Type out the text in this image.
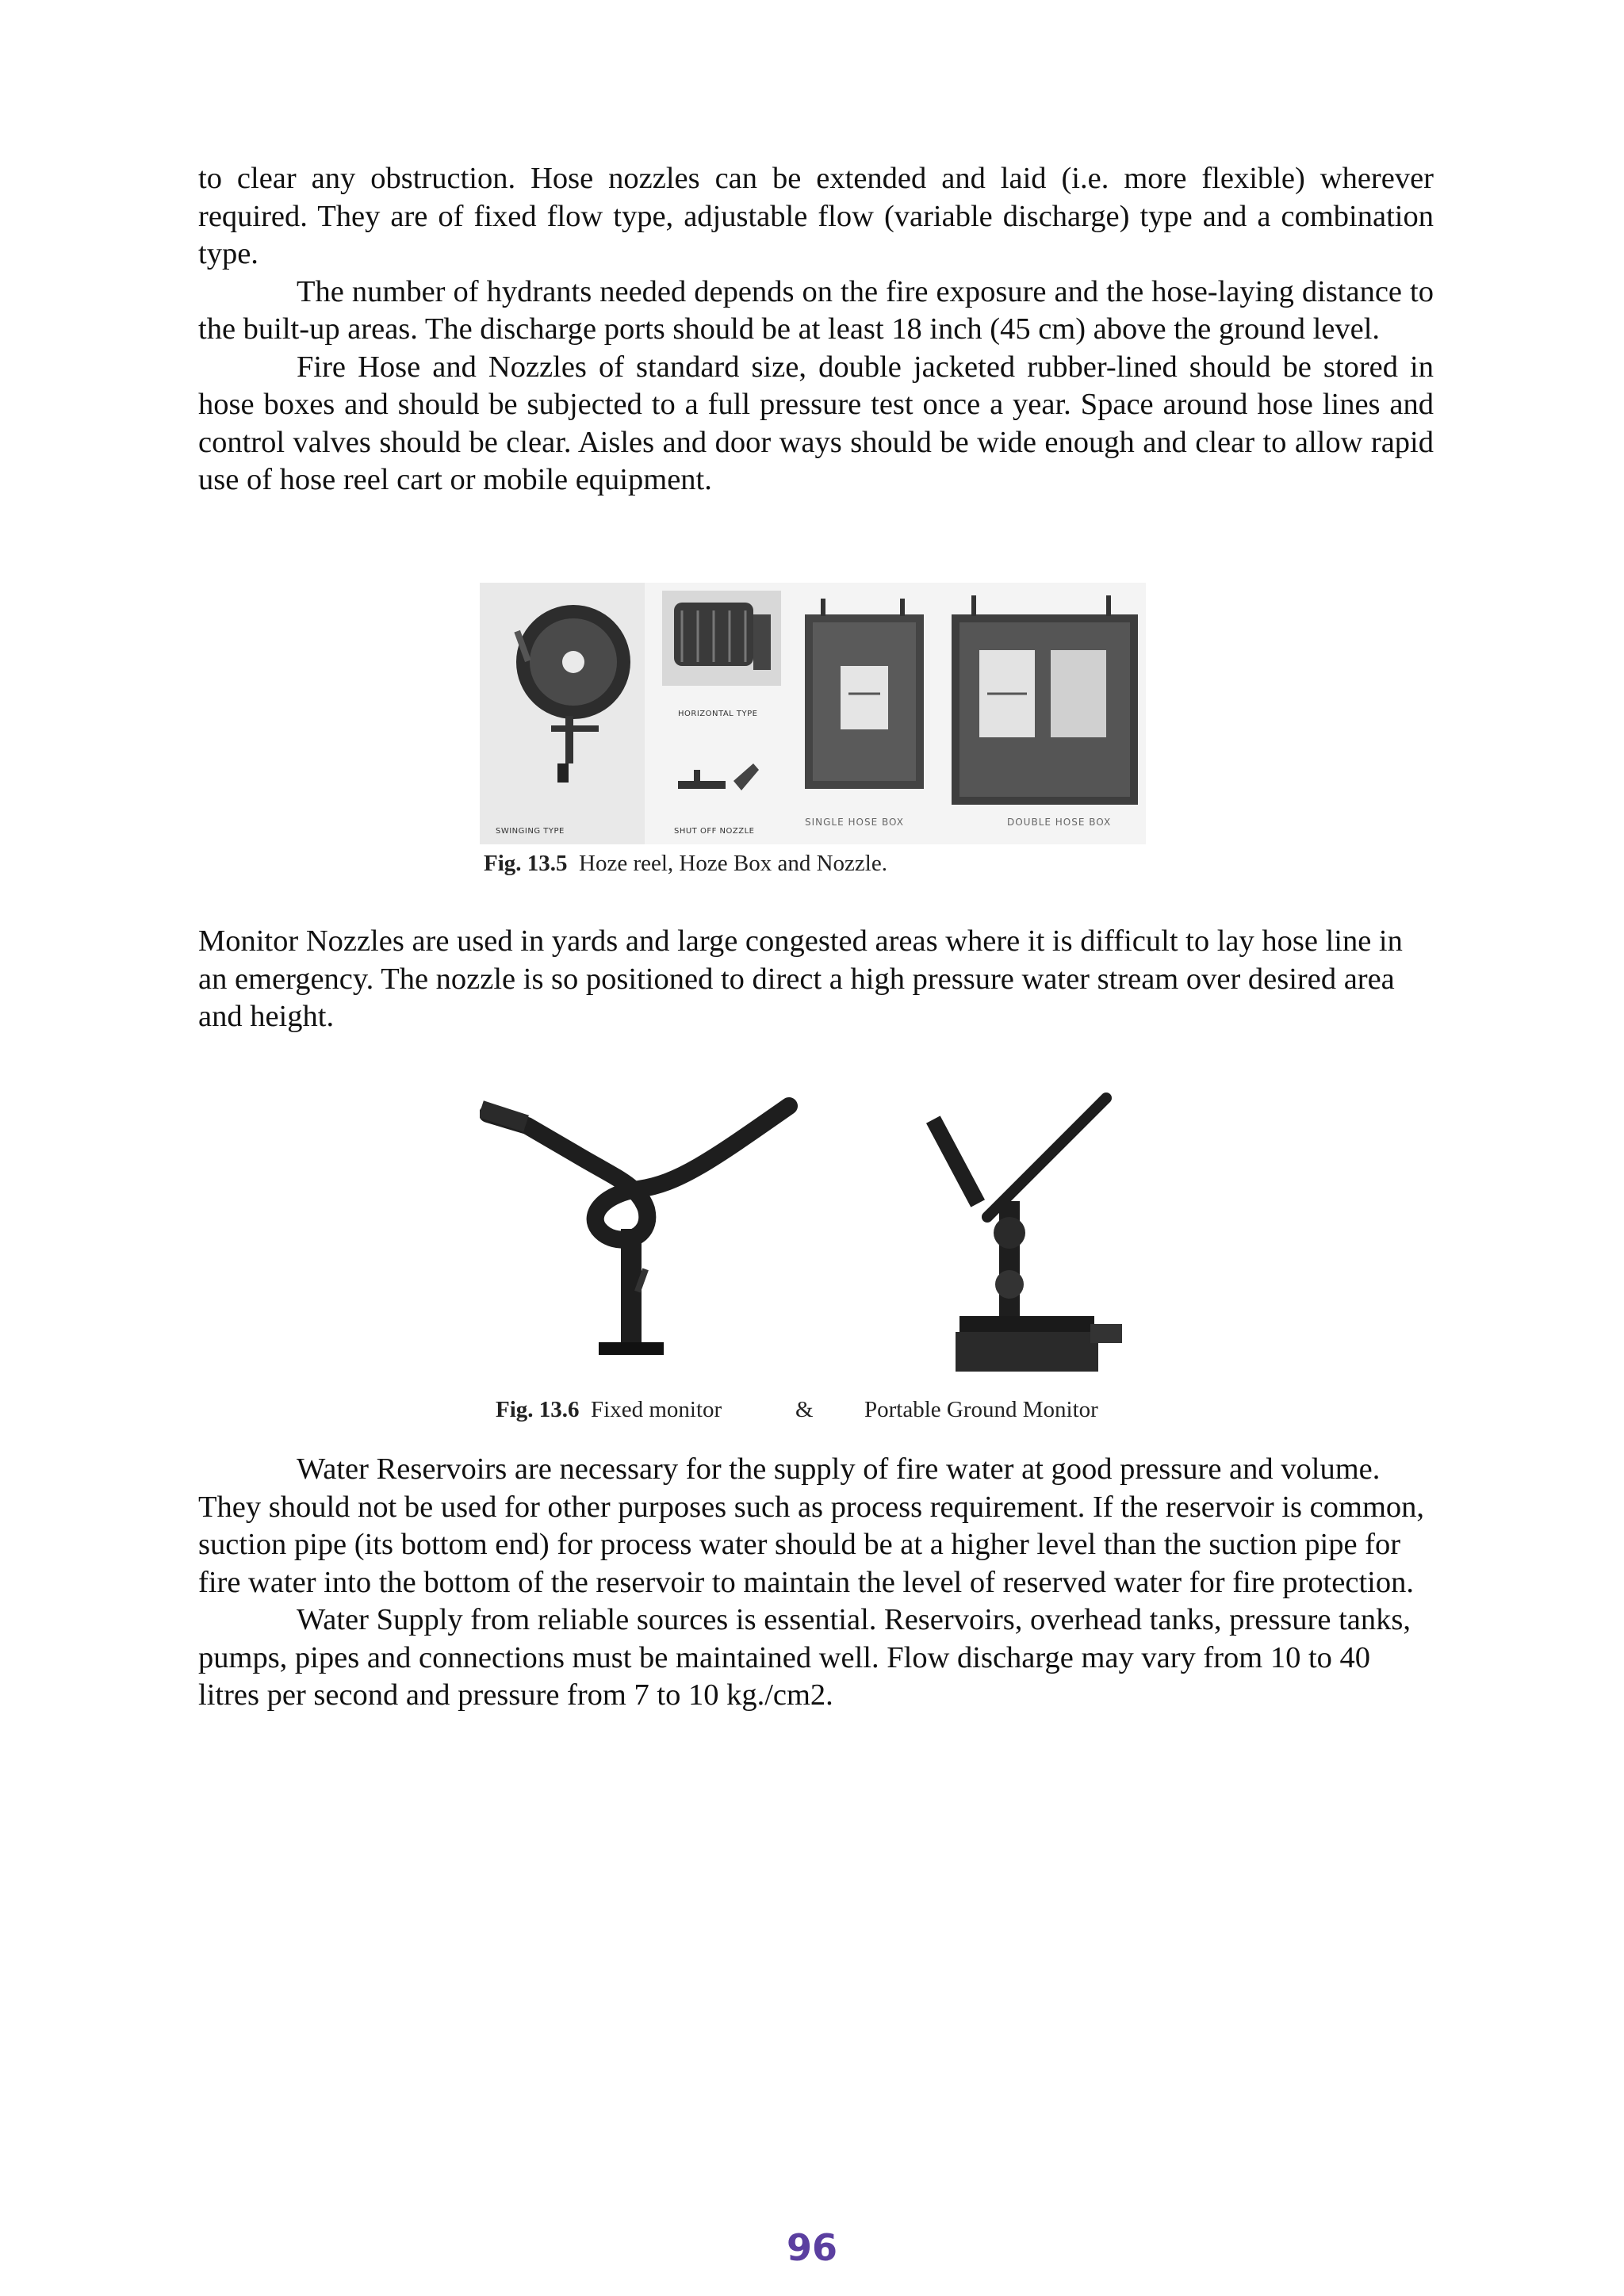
to clear any obstruction. Hose nozzles can be extended and laid (i.e. more flexible) wherever required. They are of fixed flow type, adjustable flow (variable discharge) type and a combination type.

The number of hydrants needed depends on the fire exposure and the hose-laying distance to the built-up areas. The discharge ports should be at least 18 inch (45 cm) above the ground level.

Fire Hose and Nozzles of standard size, double jacketed rubber-lined should be stored in hose boxes and should be subjected to a full pressure test once a year. Space around hose lines and control valves should be clear. Aisles and door ways should be wide enough and clear to allow rapid use of hose reel cart or mobile equipment.

HORIZONTAL TYPE
SWINGING TYPE	SHUT OFF NOZZLE
SINGLE HOSE BOX	DOUBLE HOSE BOX
Fig. 13.5 Hoze reel, Hoze Box and Nozzle.

Monitor Nozzles are used in yards and large congested areas where it is difficult to lay hose line in an emergency. The nozzle is so positioned to direct a high pressure water stream over desired area and height.

Fig. 13.6 Fixed monitor	& Portable Ground Monitor

Water Reservoirs are necessary for the supply of fire water at good pressure and volume. They should not be used for other purposes such as process requirement. If the reservoir is common, suction pipe (its bottom end) for process water should be at a higher level than the suction pipe for fire water into the bottom of the reservoir to maintain the level of reserved water for fire protection.

Water Supply from reliable sources is essential. Reservoirs, overhead tanks, pressure tanks, pumps, pipes and connections must be maintained well. Flow discharge may vary from 10 to 40 litres per second and pressure from 7 to 10 kg./cm2.

96
